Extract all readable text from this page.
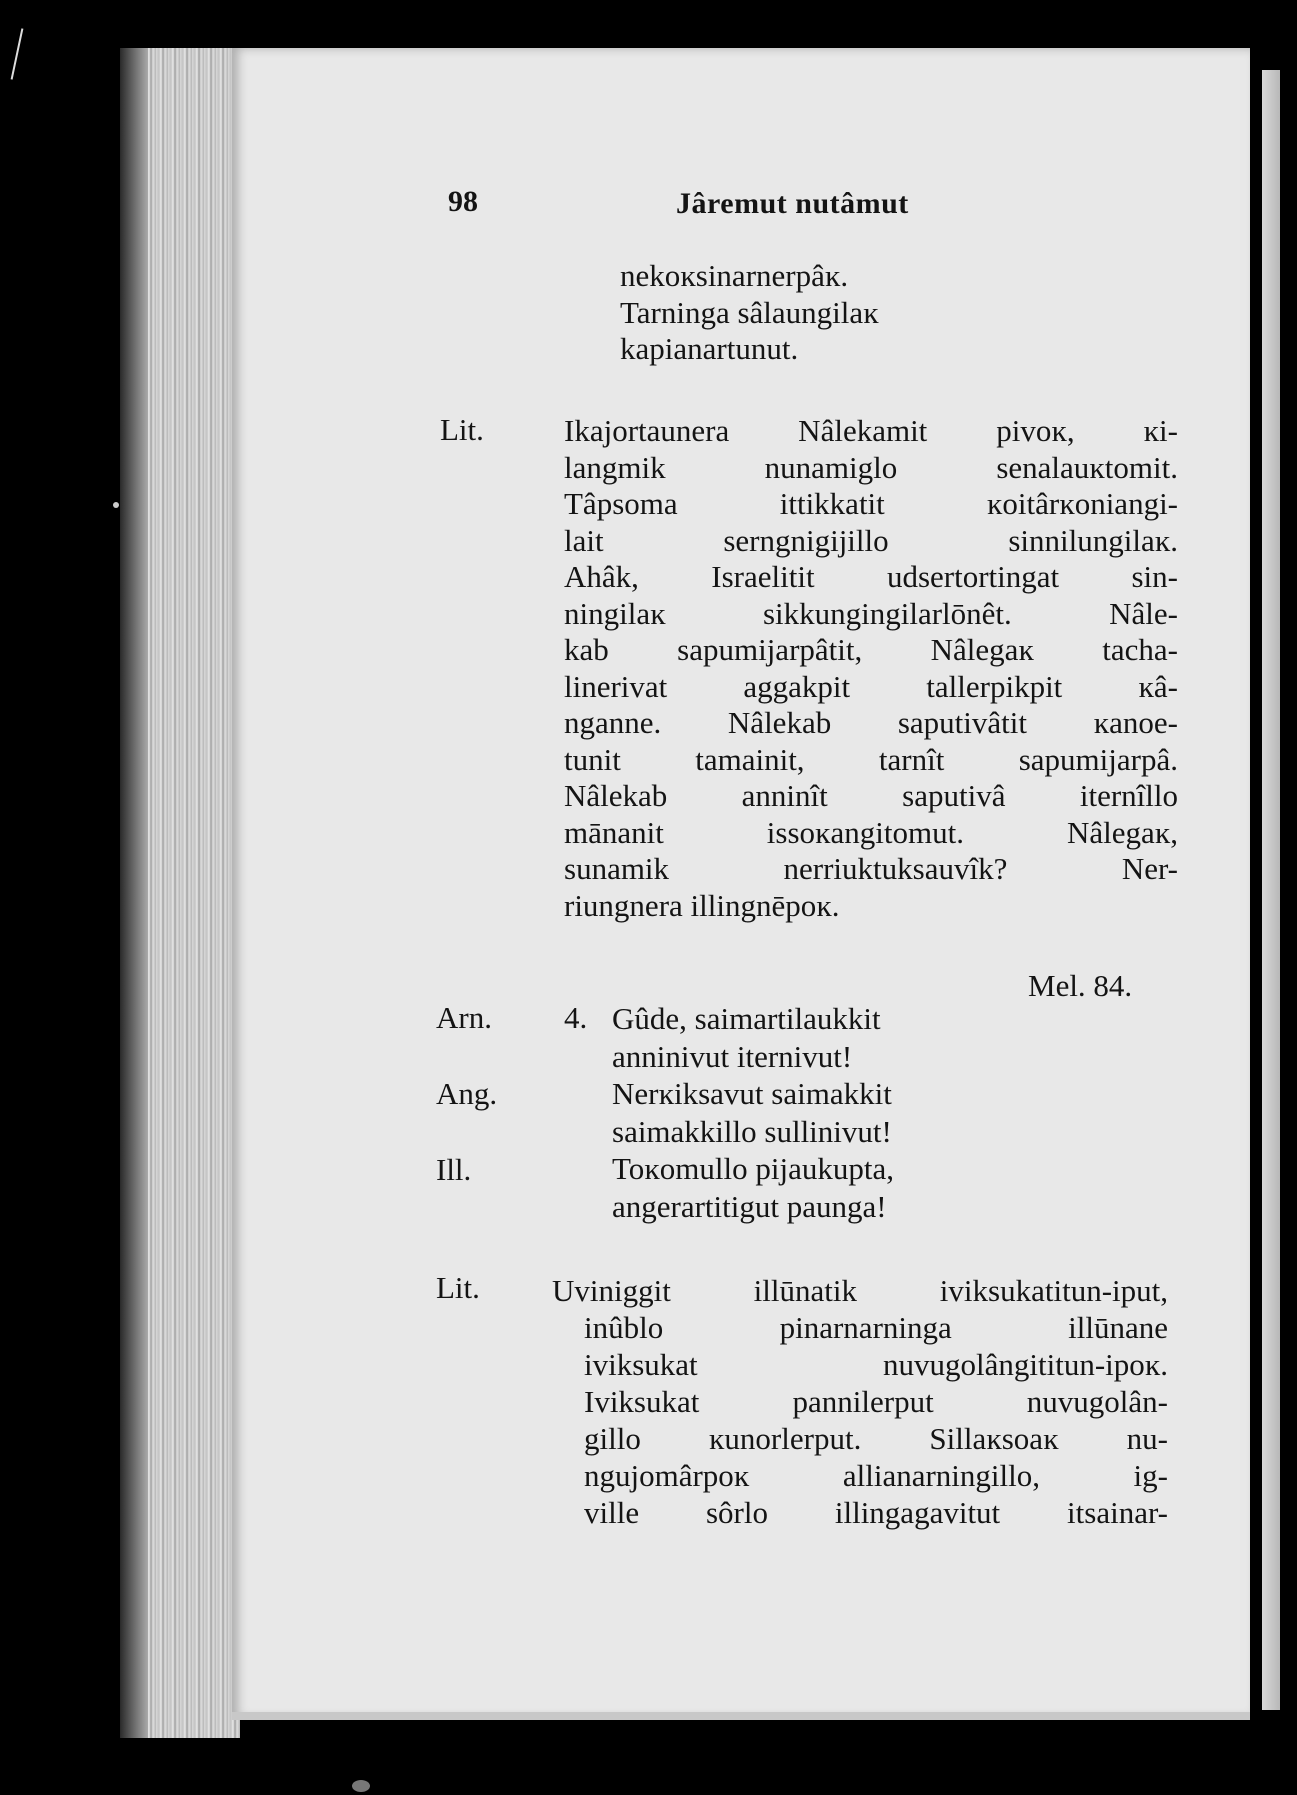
98	Jâremut nutâmut
nekoĸsinarnerpâĸ.
Tarninga sâlaungilaĸ
kapianartunut.
Lit.	Ikajortaunera Nâlekamit pivoĸ, ĸi-
langmik nunamiglo senalauĸtomit.
Tâpsoma ittikkatit ĸoitârĸoniangi-
lait serngnigijillo sinnilungilaĸ.
Ahâk, Israelitit udsertortingat sin-
ningilaĸ sikkungingilarlōnêt. Nâle-
kab sapumijarpâtit, Nâlegaĸ tacha-
linerivat aggakpit tallerpikpit ĸâ-
nganne. Nâlekab saputivâtit ĸanoe-
tunit tamainit, tarnît sapumijarpâ.
Nâlekab anninît saputivâ iternîllo
mānanit issoĸangitomut. Nâlegaĸ,
sunamik nerriuktuksauvîk? Ner-
riungnera illingnēpoĸ.
Mel. 84.
Arn.
Ang.
Ill.
4. Gûde, saimartilaukkit
anninivut iternivut!
Nerĸiksavut saimakkit
saimakkillo sullinivut!
Toĸomullo pijaukupta,
angerartitigut paunga!
Lit. Uviniggit illūnatik iviksukatitun-iput,
inûblo pinarnarninga illūnane
iviksukat nuvugolângititun-ipoĸ.
Iviksukat pannilerput nuvugolân-
gillo ĸunorlerput. Sillaĸsoaĸ nu-
ngujomârpoĸ allianarningillo, ig-
ville sôrlo illingagavitut itsainar-
